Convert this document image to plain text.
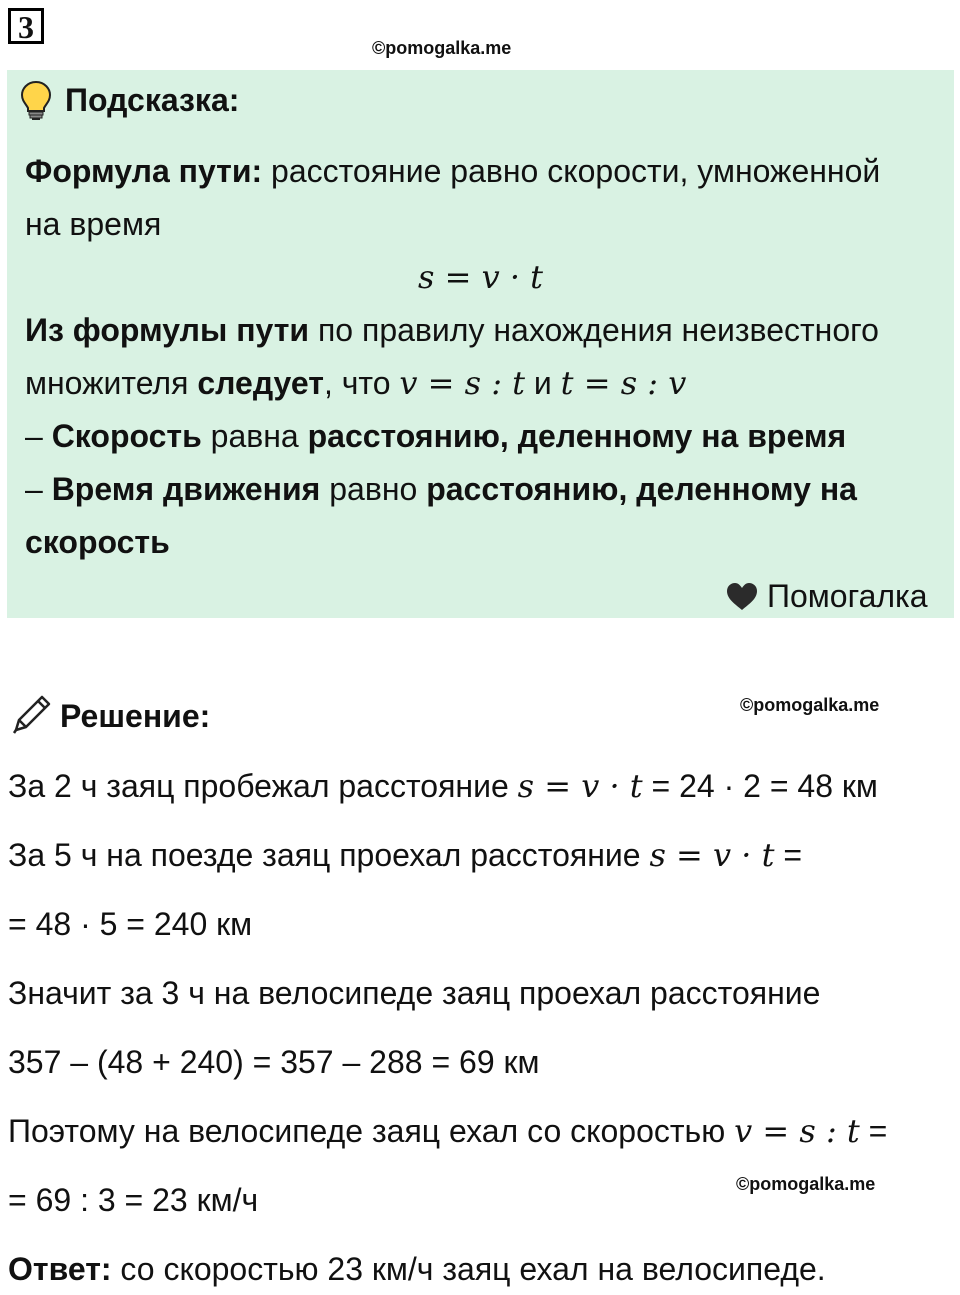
3
©pomogalka.me
Подсказка:
Формула пути: расстояние равно скорости, умноженной
на время
s = v · t
Из формулы пути по правилу нахождения неизвестного
множителя следует, что v = s : t и t = s : v
– Скорость равна расстоянию, деленному на время
– Время движения равно расстоянию, деленному на
скорость
Помогалка
Решение:	©pomogalka.me
За 2 ч заяц пробежал расстояние s = v · t = 24 · 2 = 48 км
За 5 ч на поезде заяц проехал расстояние s = v · t =
= 48 · 5 = 240 км
Значит за 3 ч на велосипеде заяц проехал расстояние
357 – (48 + 240) = 357 – 288 = 69 км
Поэтому на велосипеде заяц ехал со скоростью v = s : t =
= 69 : 3 = 23 км/ч	©pomogalka.me
Ответ: со скоростью 23 км/ч заяц ехал на велосипеде.
